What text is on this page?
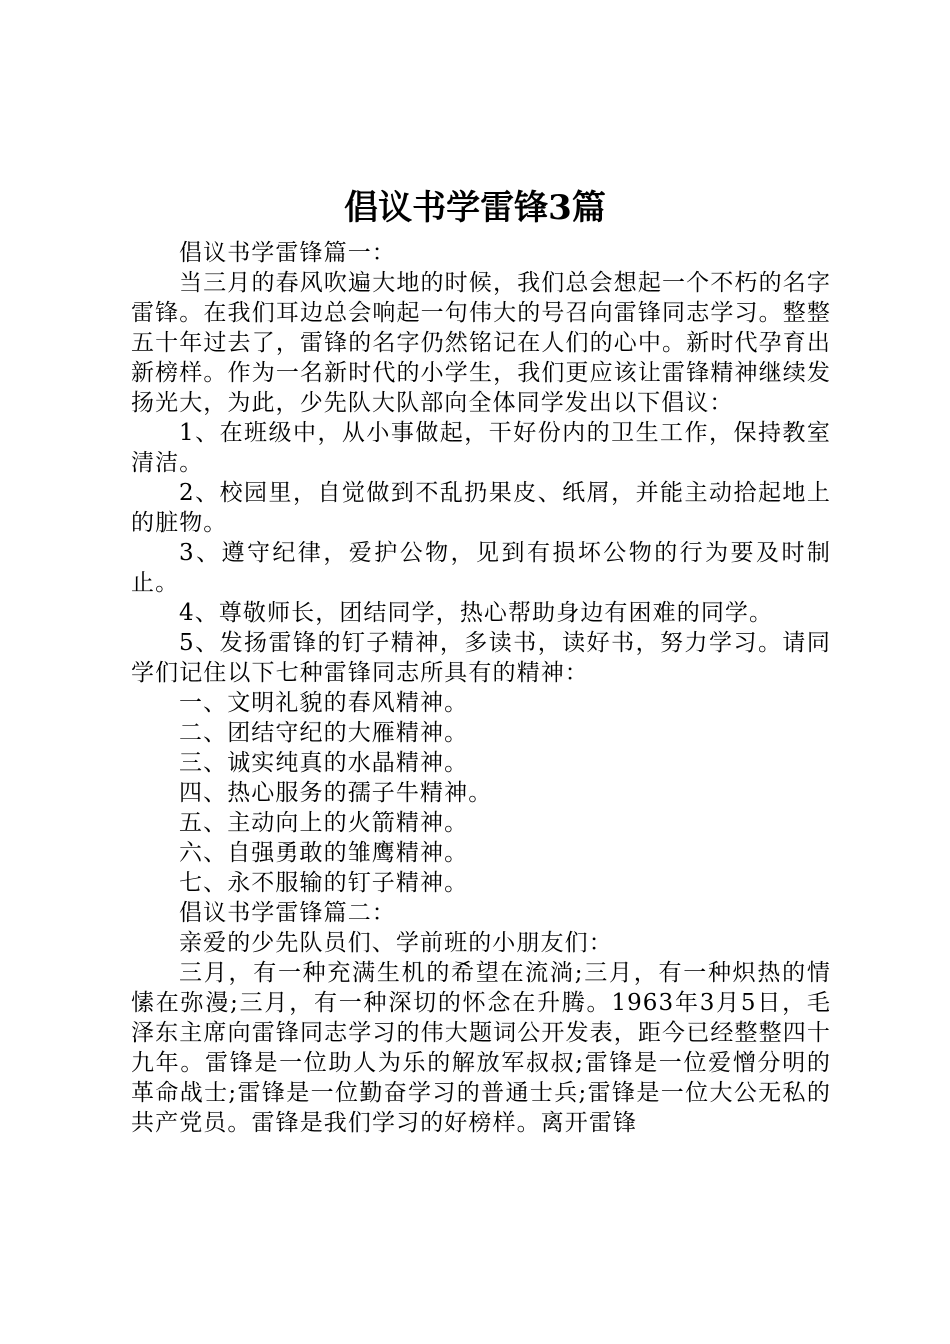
倡议书学雷锋3篇

倡议书学雷锋篇一：

当三月的春风吹遍大地的时候，我们总会想起一个不朽的名字雷锋。在我们耳边总会响起一句伟大的号召向雷锋同志学习。整整五十年过去了，雷锋的名字仍然铭记在人们的心中。新时代孕育出新榜样。作为一名新时代的小学生，我们更应该让雷锋精神继续发扬光大，为此，少先队大队部向全体同学发出以下倡议：

1、在班级中，从小事做起，干好份内的卫生工作，保持教室清洁。

2、校园里，自觉做到不乱扔果皮、纸屑，并能主动拾起地上的脏物。

3、遵守纪律，爱护公物，见到有损坏公物的行为要及时制止。

4、尊敬师长，团结同学，热心帮助身边有困难的同学。

5、发扬雷锋的钉子精神，多读书，读好书，努力学习。请同学们记住以下七种雷锋同志所具有的精神：

一、文明礼貌的春风精神。

二、团结守纪的大雁精神。

三、诚实纯真的水晶精神。

四、热心服务的孺子牛精神。

五、主动向上的火箭精神。

六、自强勇敢的雏鹰精神。

七、永不服输的钉子精神。

倡议书学雷锋篇二：

亲爱的少先队员们、学前班的小朋友们：

三月，有一种充满生机的希望在流淌;三月，有一种炽热的情愫在弥漫;三月，有一种深切的怀念在升腾。1963年3月5日，毛泽东主席向雷锋同志学习的伟大题词公开发表，距今已经整整四十九年。雷锋是一位助人为乐的解放军叔叔;雷锋是一位爱憎分明的革命战士;雷锋是一位勤奋学习的普通士兵;雷锋是一位大公无私的共产党员。雷锋是我们学习的好榜样。离开雷锋
